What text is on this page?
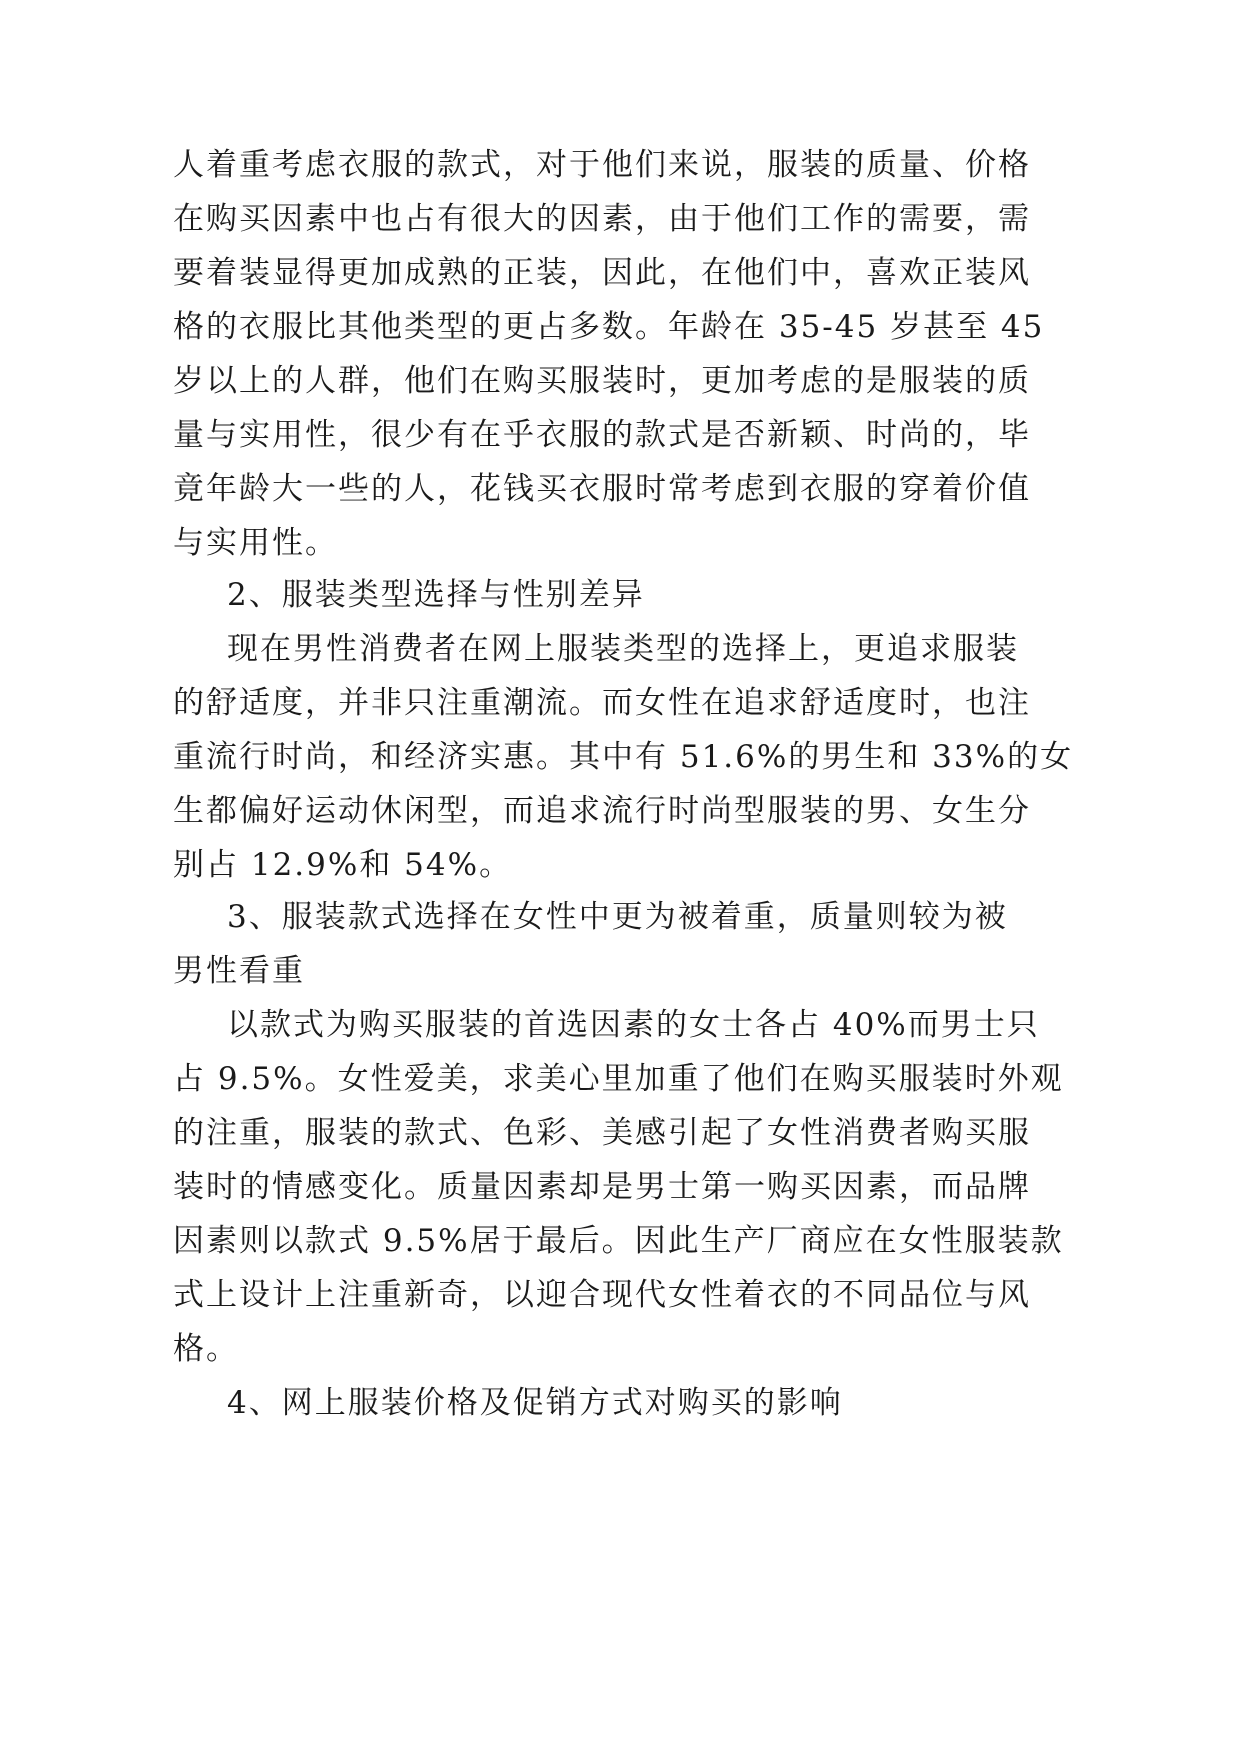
人着重考虑衣服的款式，对于他们来说，服装的质量、价格
在购买因素中也占有很大的因素，由于他们工作的需要，需
要着装显得更加成熟的正装，因此，在他们中，喜欢正装风
格的衣服比其他类型的更占多数。年龄在 35-45 岁甚至 45
岁以上的人群，他们在购买服装时，更加考虑的是服装的质
量与实用性，很少有在乎衣服的款式是否新颖、时尚的，毕
竟年龄大一些的人，花钱买衣服时常考虑到衣服的穿着价值
与实用性。
2、服装类型选择与性别差异
现在男性消费者在网上服装类型的选择上，更追求服装
的舒适度，并非只注重潮流。而女性在追求舒适度时，也注
重流行时尚，和经济实惠。其中有 51.6%的男生和 33%的女
生都偏好运动休闲型，而追求流行时尚型服装的男、女生分
别占 12.9%和 54%。
3、服装款式选择在女性中更为被着重，质量则较为被
男性看重
以款式为购买服装的首选因素的女士各占 40%而男士只
占 9.5%。女性爱美，求美心里加重了他们在购买服装时外观
的注重，服装的款式、色彩、美感引起了女性消费者购买服
装时的情感变化。质量因素却是男士第一购买因素，而品牌
因素则以款式 9.5%居于最后。因此生产厂商应在女性服装款
式上设计上注重新奇，以迎合现代女性着衣的不同品位与风
格。
4、网上服装价格及促销方式对购买的影响
